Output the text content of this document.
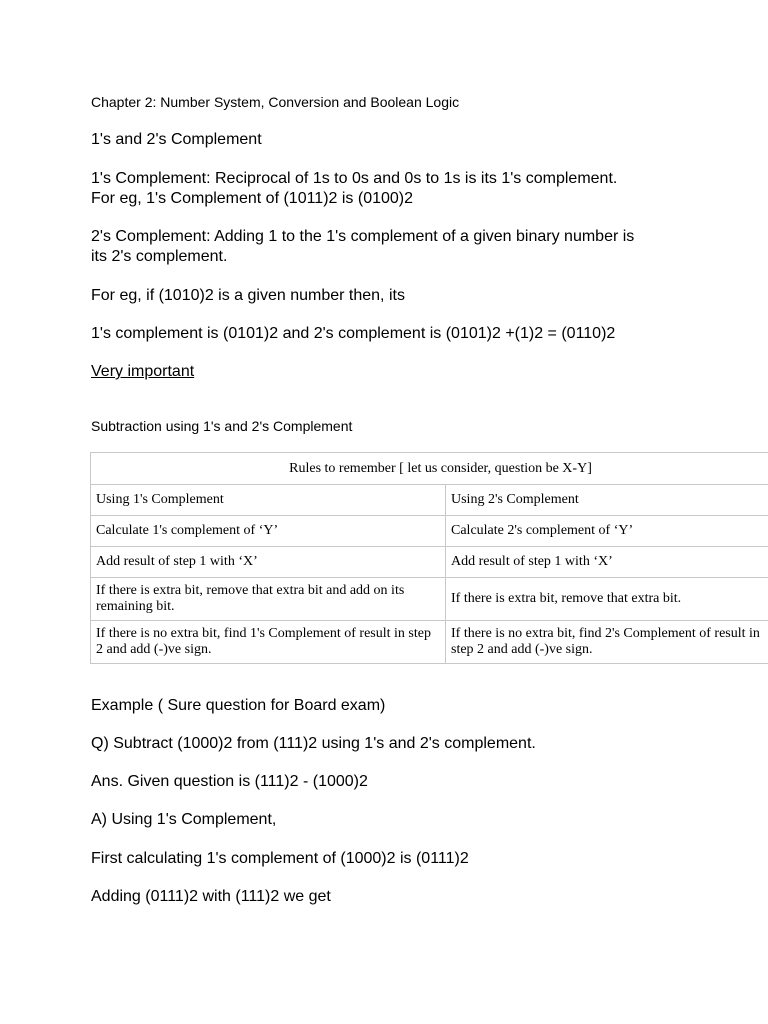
Chapter 2: Number System, Conversion and Boolean Logic

1's and 2's Complement

1's Complement: Reciprocal of 1s to 0s and 0s to 1s is its 1's complement.

For eg, 1's Complement of (1011)2 is (0100)2

2's Complement: Adding 1 to the 1's complement of a given binary number is

its 2's complement.

For eg, if (1010)2 is a given number then, its

1's complement is (0101)2 and 2's complement is (0101)2 +(1)2 = (0110)2

Very important

Subtraction using 1's and 2's Complement

Rules to remember [ let us consider, question be X-Y]	
Using 1's Complement	Using 2's Complement
Calculate 1's complement of ‘Y’	Calculate 2's complement of ‘Y’
Add result of step 1 with ‘X’	Add result of step 1 with ‘X’
If there is extra bit, remove that extra bit and add on its remaining bit.	If there is extra bit, remove that extra bit.
If there is no extra bit, find 1's Complement of result in step 2 and add (-)ve sign.	If there is no extra bit, find 2's Complement of result in step 2 and add (-)ve sign.

Example ( Sure question for Board exam)

Q) Subtract (1000)2 from (111)2 using 1's and 2's complement.

Ans. Given question is (111)2 - (1000)2

A) Using 1's Complement,

First calculating 1's complement of (1000)2 is (0111)2

Adding (0111)2 with (111)2 we get
